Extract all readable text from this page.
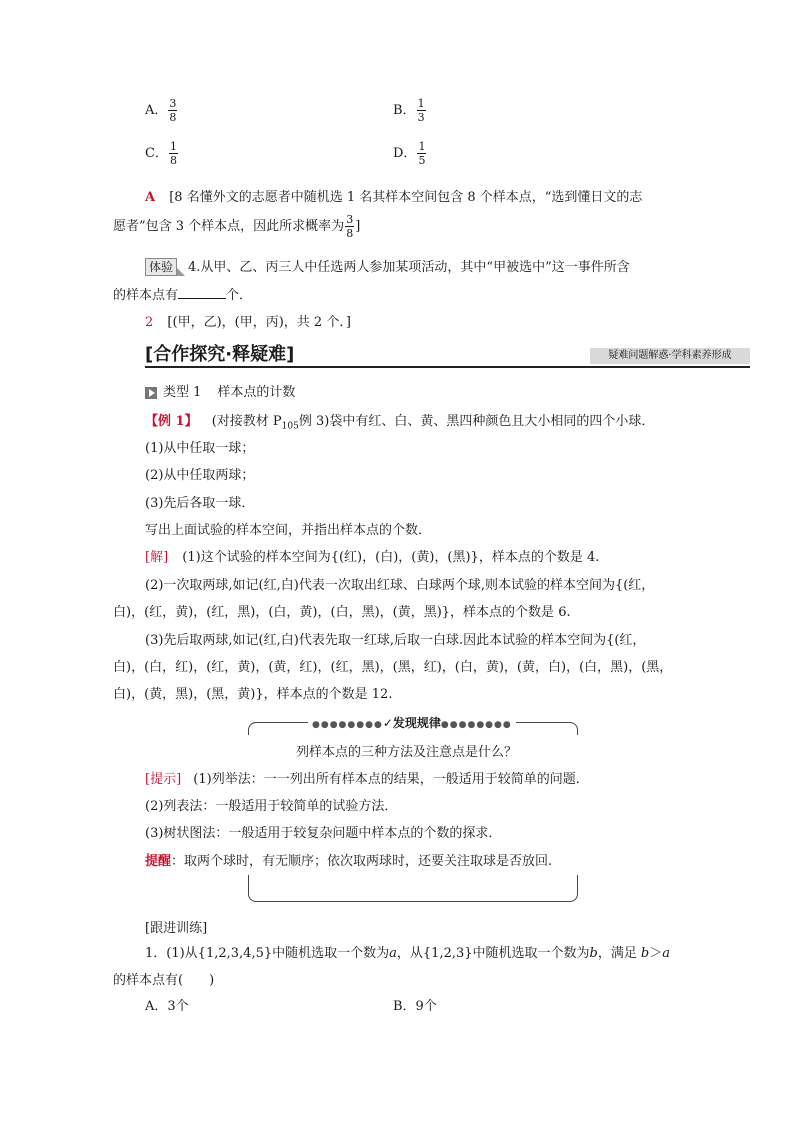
A． $\frac{3}{8}$	B． $\frac{1}{3}$
C． $\frac{1}{8}$	D． $\frac{1}{5}$
A [8 名懂外文的志愿者中随机选 1 名其样本空间包含 8 个样本点，“选到懂日文的志
愿者”包含 3 个样本点，因此所求概率为 $\frac{3}{8}$ ]
体验 4.从甲、乙、丙三人中任选两人参加某项活动，其中“甲被选中”这一事件所含
的样本点有	个．
2 [(甲，乙)，(甲，丙)，共 2 个．]
[合作探究·释疑难]	疑难问题解惑·学科素养形成
类型 1 样本点的计数
【例 1】 (对接教材 $P_{105}$例 3)袋中有红、白、黄、黑四种颜色且大小相同的四个小球．
(1)从中任取一球；
(2)从中任取两球；
(3)先后各取一球．
写出上面试验的样本空间，并指出样本点的个数．
[解] (1)这个试验的样本空间为{(红)，(白)，(黄)，(黑)}，样本点的个数是 4.
(2)一次取两球,如记(红,白)代表一次取出红球、白球两个球,则本试验的样本空间为{(红，
白)，(红，黄)，(红，黑)，(白，黄)，(白，黑)，(黄，黑)}，样本点的个数是 6.
(3)先后取两球,如记(红,白)代表先取一红球,后取一白球.因此本试验的样本空间为{(红，
白)，(白，红)，(红，黄)，(黄，红)，(红，黑)，(黑，红)，(白，黄)，(黄，白)，(白，黑)，(黑，
白)，(黄，黑)，(黑，黄)}，样本点的个数是 12.
●●●●●●●●✓发现规律●●●●●●●●
列样本点的三种方法及注意点是什么？
[提示] (1)列举法：一一列出所有样本点的结果，一般适用于较简单的问题．
(2)列表法：一般适用于较简单的试验方法．
(3)树状图法：一般适用于较复杂问题中样本点的个数的探求．
提醒：取两个球时，有无顺序；依次取两球时，还要关注取球是否放回.
[跟进训练]
1．(1)从{1,2,3,4,5}中随机选取一个数为a，从{1,2,3}中随机选取一个数为b，满足 b＞a
的样本点有(　　)
A．3个	B．9个
